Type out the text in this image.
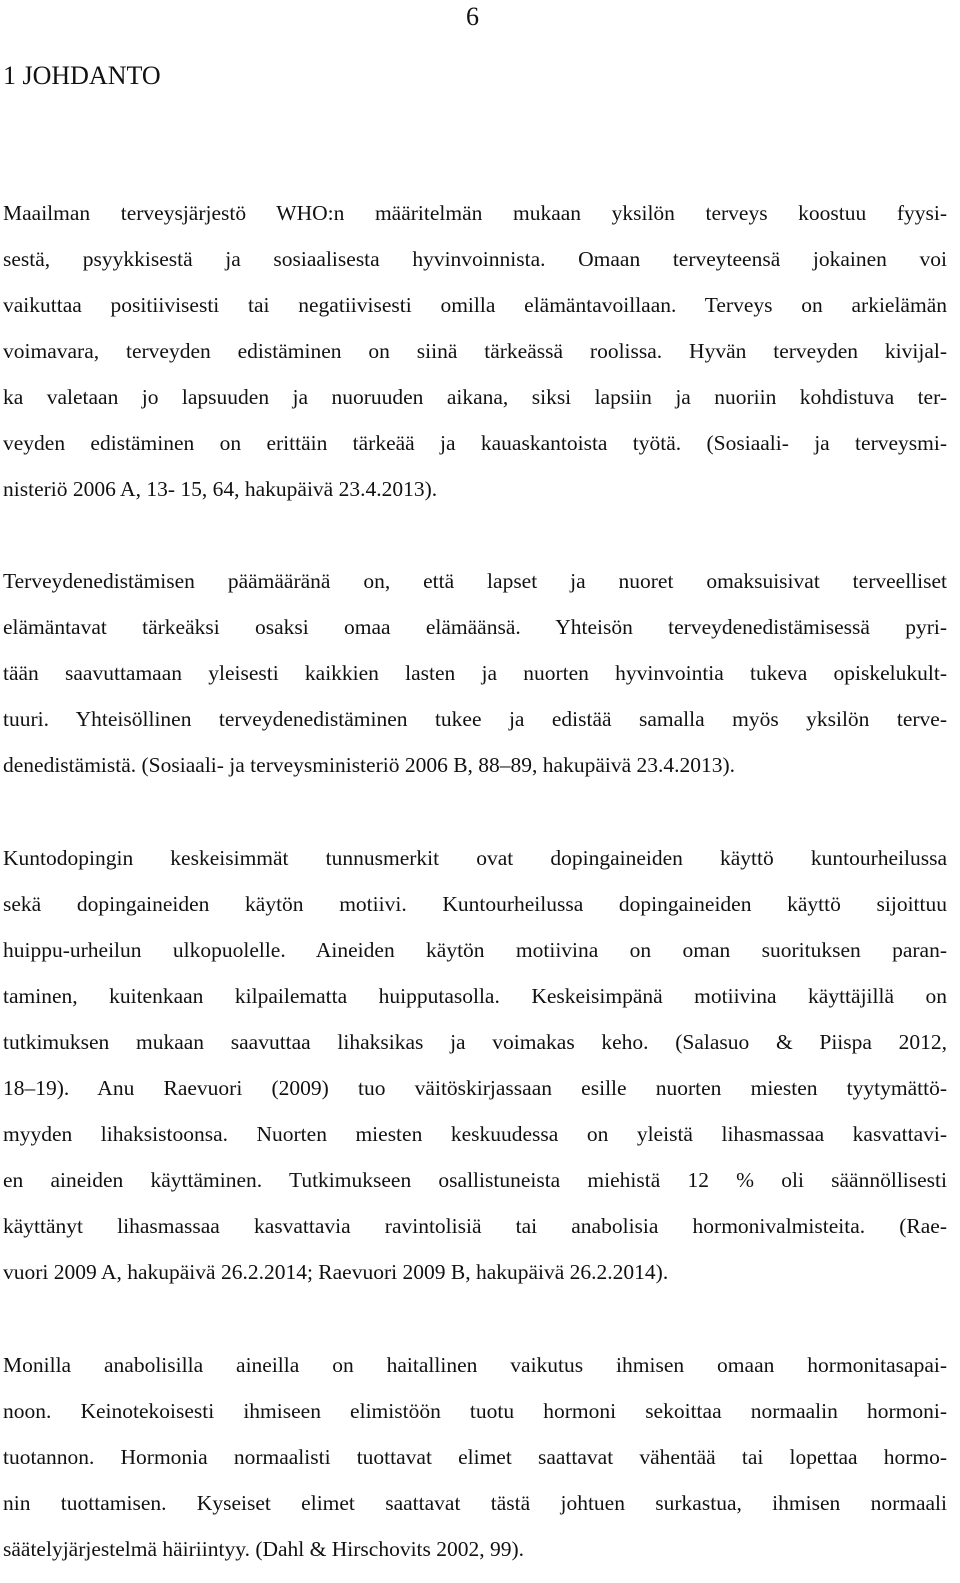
6
1 JOHDANTO
Maailman terveysjärjestö WHO:n määritelmän mukaan yksilön terveys koostuu fyysi-
sestä, psyykkisestä ja sosiaalisesta hyvinvoinnista. Omaan terveyteensä jokainen voi
vaikuttaa positiivisesti tai negatiivisesti omilla elämäntavoillaan. Terveys on arkielämän
voimavara, terveyden edistäminen on siinä tärkeässä roolissa. Hyvän terveyden kivijal-
ka valetaan jo lapsuuden ja nuoruuden aikana, siksi lapsiin ja nuoriin kohdistuva ter-
veyden edistäminen on erittäin tärkeää ja kauaskantoista työtä. (Sosiaali- ja terveysmi-
nisteriö 2006 A, 13- 15, 64, hakupäivä 23.4.2013).
Terveydenedistämisen päämääränä on, että lapset ja nuoret omaksuisivat terveelliset
elämäntavat tärkeäksi osaksi omaa elämäänsä. Yhteisön terveydenedistämisessä pyri-
tään saavuttamaan yleisesti kaikkien lasten ja nuorten hyvinvointia tukeva opiskelukult-
tuuri. Yhteisöllinen terveydenedistäminen tukee ja edistää samalla myös yksilön terve-
denedistämistä. (Sosiaali- ja terveysministeriö 2006 B, 88–89, hakupäivä 23.4.2013).
Kuntodopingin keskeisimmät tunnusmerkit ovat dopingaineiden käyttö kuntourheilussa
sekä dopingaineiden käytön motiivi. Kuntourheilussa dopingaineiden käyttö sijoittuu
huippu-urheilun ulkopuolelle. Aineiden käytön motiivina on oman suorituksen paran-
taminen, kuitenkaan kilpailematta huipputasolla. Keskeisimpänä motiivina käyttäjillä on
tutkimuksen mukaan saavuttaa lihaksikas ja voimakas keho. (Salasuo & Piispa 2012,
18–19). Anu Raevuori (2009) tuo väitöskirjassaan esille nuorten miesten tyytymättö-
myyden lihaksistoonsa. Nuorten miesten keskuudessa on yleistä lihasmassaa kasvattavi-
en aineiden käyttäminen. Tutkimukseen osallistuneista miehistä 12 % oli säännöllisesti
käyttänyt lihasmassaa kasvattavia ravintolisiä tai anabolisia hormonivalmisteita. (Rae-
vuori 2009 A, hakupäivä 26.2.2014; Raevuori 2009 B, hakupäivä 26.2.2014).
Monilla anabolisilla aineilla on haitallinen vaikutus ihmisen omaan hormonitasapai-
noon. Keinotekoisesti ihmiseen elimistöön tuotu hormoni sekoittaa normaalin hormoni-
tuotannon. Hormonia normaalisti tuottavat elimet saattavat vähentää tai lopettaa hormo-
nin tuottamisen. Kyseiset elimet saattavat tästä johtuen surkastua, ihmisen normaali
säätelyjärjestelmä häiriintyy. (Dahl & Hirschovits 2002, 99).
